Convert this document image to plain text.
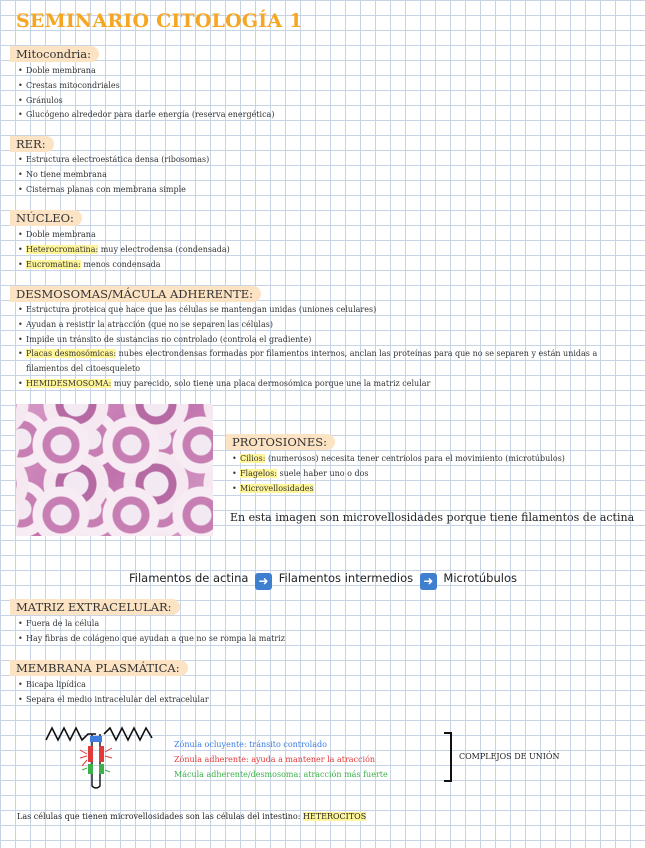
SEMINARIO CITOLOGÍA 1
Mitocondria:
• Doble membrana
• Crestas mitocondriales
• Gránulos
• Glucógeno alrededor para darle energía (reserva energética)
RER:
• Estructura electroestática densa (ribosomas)
• No tiene membrana
• Cisternas planas con membrana simple
NÚCLEO:
• Doble membrana
• Heterocromatina: muy electrodensa (condensada)
• Eucromatina: menos condensada
DESMOSOMAS/MÁCULA ADHERENTE:
• Estructura proteica que hace que las células se mantengan unidas (uniones celulares)
• Ayudan a resistir la atracción (que no se separen las células)
• Impide un tránsito de sustancias no controlado (controla el gradiente)
• Placas desmosómicas: nubes electrondensas formadas por filamentos internos, anclan las proteínas para que no se separen y están unidas a filamentos del citoesqueleto
• HEMIDESMOSOMA: muy parecido, solo tiene una placa dermosómica porque une la matriz celular
PROTOSIONES:
• Cilios: (numerosos) necesita tener centriolos para el movimiento (microtúbulos)
• Flagelos: suele haber uno o dos
• Microvellosidades
En esta imagen son microvellosidades porque tiene filamentos de actina
Filamentos de actina ➜ Filamentos intermedios ➜ Microtúbulos
MATRIZ EXTRACELULAR:
• Fuera de la célula
• Hay fibras de colágeno que ayudan a que no se rompa la matriz
MEMBRANA PLASMÁTICA:
• Bicapa lipídica
• Separa el medio intracelular del extracelular
Zónula ocluyente: tránsito controlado
Zónula adherente: ayuda a mantener la atracción
Mácula adherente/desmosoma: atracción más fuerte
COMPLEJOS DE UNIÓN
Las células que tienen microvellosidades son las células del intestino: HETEROCITOS
